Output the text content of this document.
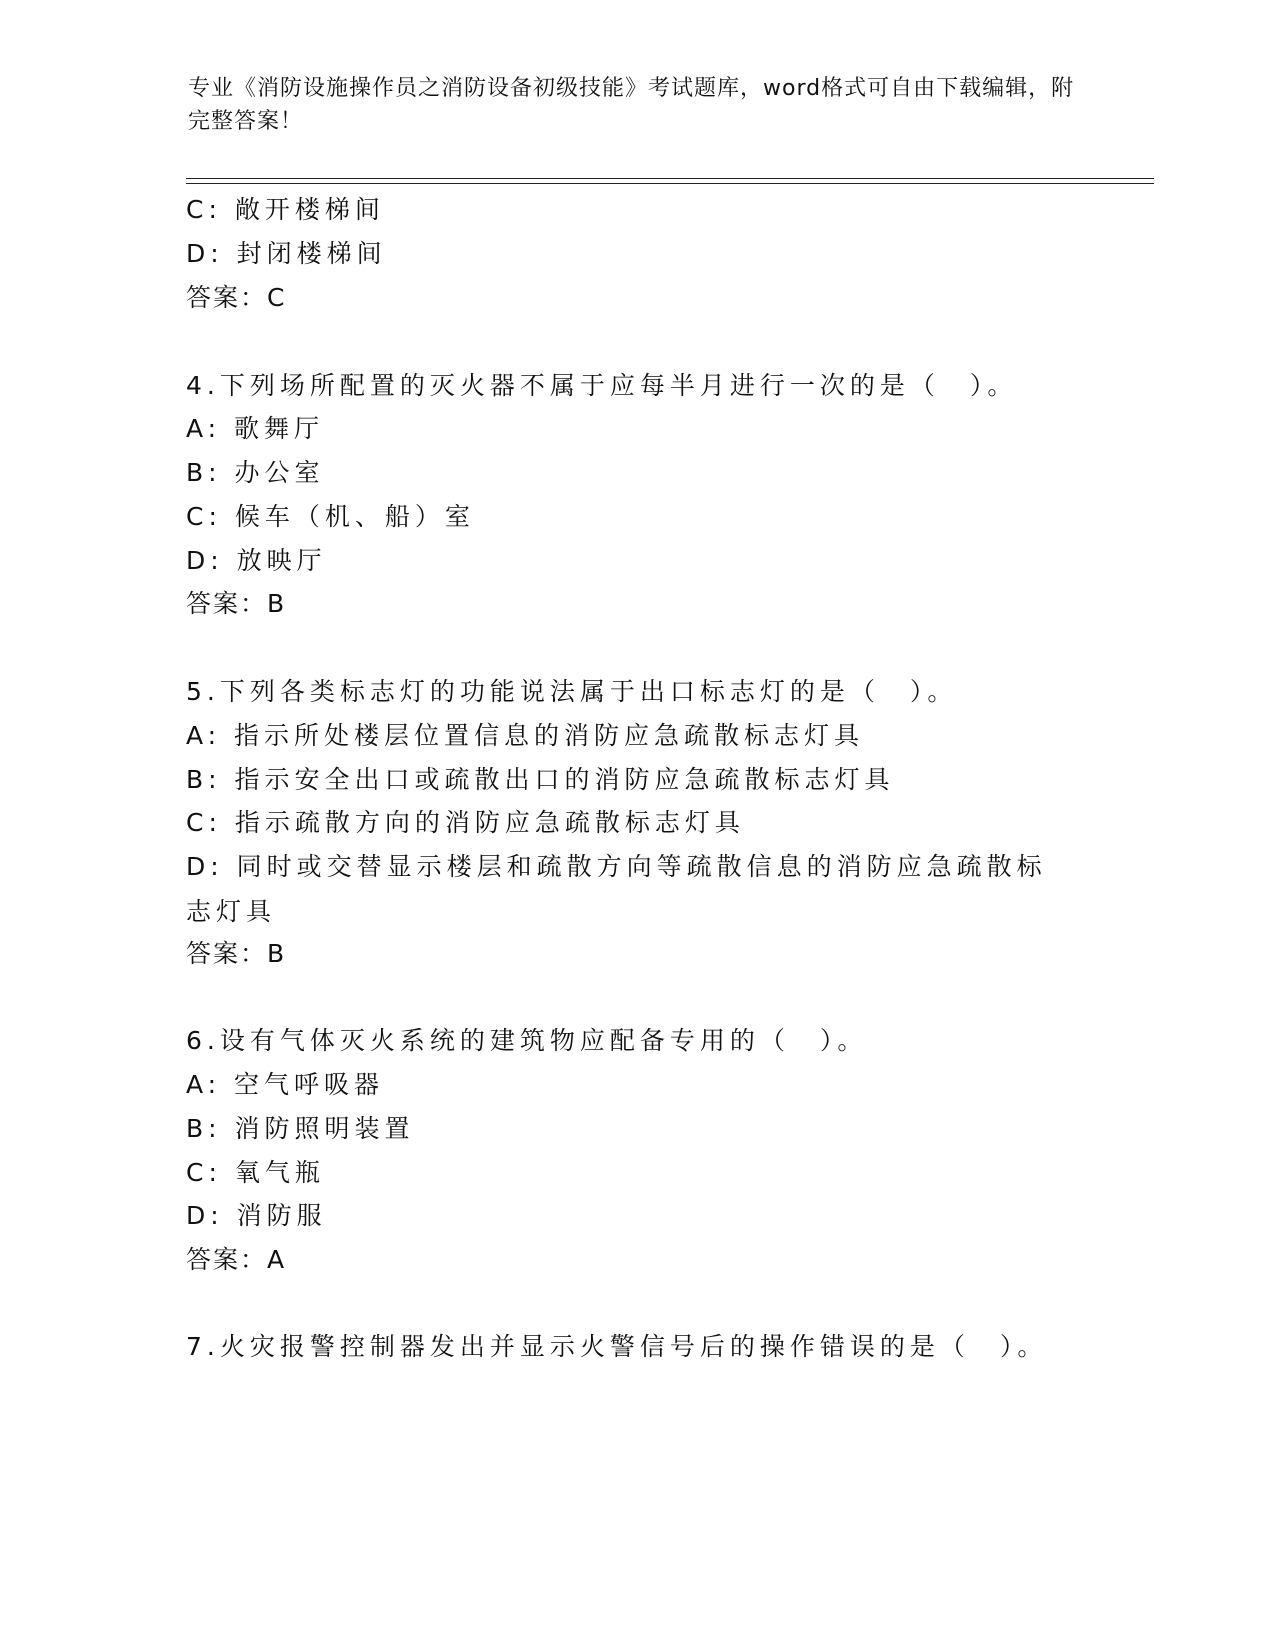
专业《消防设施操作员之消防设备初级技能》考试题库，word格式可自由下载编辑，附完整答案！
C: 敞开楼梯间
D: 封闭楼梯间
答案：C
4.下列场所配置的灭火器不属于应每半月进行一次的是（　）。
A: 歌舞厅
B: 办公室
C: 候车（机、船）室
D: 放映厅
答案：B
5.下列各类标志灯的功能说法属于出口标志灯的是（　）。
A: 指示所处楼层位置信息的消防应急疏散标志灯具
B: 指示安全出口或疏散出口的消防应急疏散标志灯具
C: 指示疏散方向的消防应急疏散标志灯具
D: 同时或交替显示楼层和疏散方向等疏散信息的消防应急疏散标志灯具
答案：B
6.设有气体灭火系统的建筑物应配备专用的（　）。
A: 空气呼吸器
B: 消防照明装置
C: 氧气瓶
D: 消防服
答案：A
7.火灾报警控制器发出并显示火警信号后的操作错误的是（　）。
